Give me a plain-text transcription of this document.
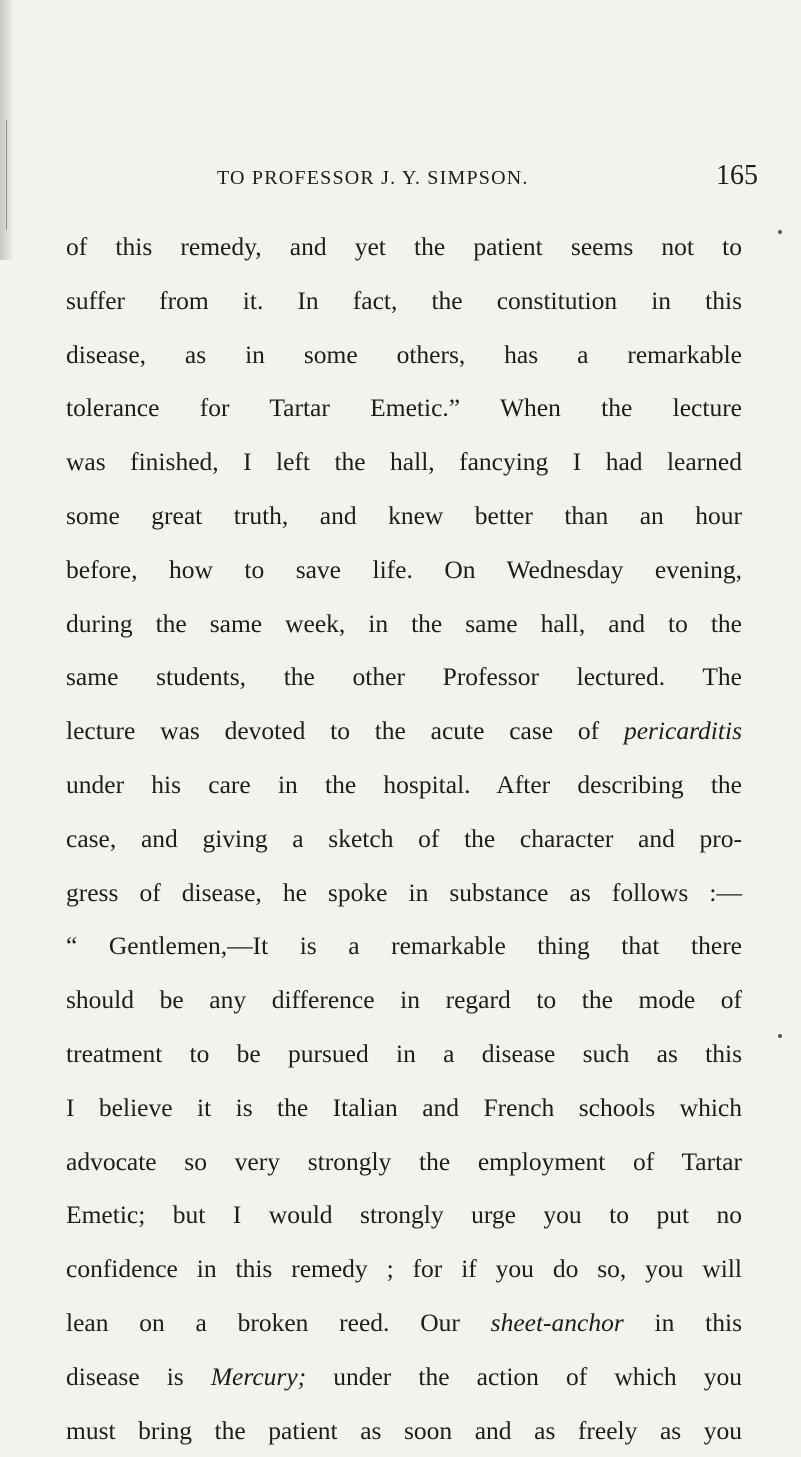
TO PROFESSOR J. Y. SIMPSON.	165
of this remedy, and yet the patient seems not to
suffer from it. In fact, the constitution in this
disease, as in some others, has a remarkable
tolerance for Tartar Emetic.” When the lecture
was finished, I left the hall, fancying I had learned
some great truth, and knew better than an hour
before, how to save life. On Wednesday evening,
during the same week, in the same hall, and to the
same students, the other Professor lectured. The
lecture was devoted to the acute case of pericarditis
under his care in the hospital. After describing the
case, and giving a sketch of the character and pro-
gress of disease, he spoke in substance as follows :—
“ Gentlemen,—It is a remarkable thing that there
should be any difference in regard to the mode of
treatment to be pursued in a disease such as this
I believe it is the Italian and French schools which
advocate so very strongly the employment of Tartar
Emetic; but I would strongly urge you to put no
confidence in this remedy ; for if you do so, you will
lean on a broken reed. Our sheet-anchor in this
disease is Mercury; under the action of which you
must bring the patient as soon and as freely as you
